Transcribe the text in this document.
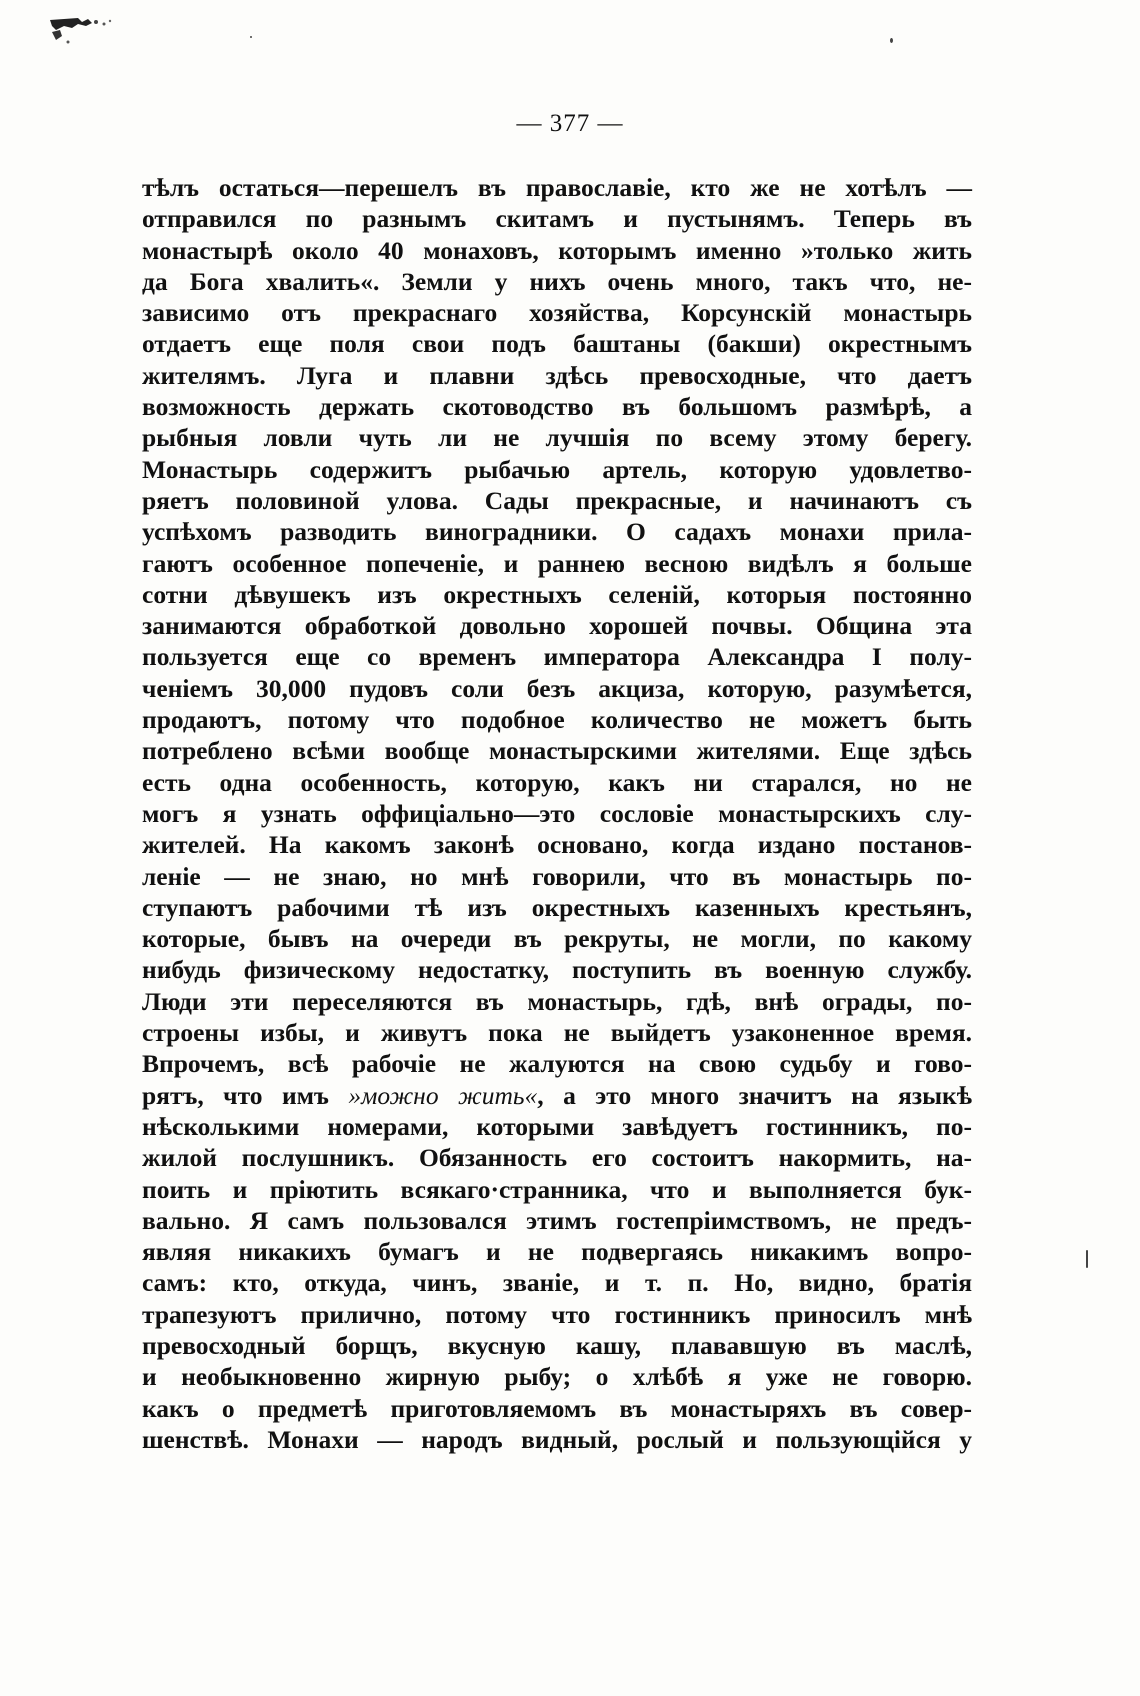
— 377 —
тѣлъ остаться—перешелъ въ православіе, кто же не хотѣлъ —
отправился по разнымъ скитамъ и пустынямъ. Теперь въ
монастырѣ около 40 монаховъ, которымъ именно »только жить
да Бога хвалить«. Земли у нихъ очень много, такъ что, не-
зависимо отъ прекраснаго хозяйства, Корсунскій монастырь
отдаетъ еще поля свои подъ баштаны (бакши) окрестнымъ
жителямъ. Луга и плавни здѣсь превосходные, что даетъ
возможность держать скотоводство въ большомъ размѣрѣ, а
рыбныя ловли чуть ли не лучшія по всему этому берегу.
Монастырь содержитъ рыбачью артель, которую удовлетво-
ряетъ половиной улова. Сады прекрасные, и начинаютъ съ
успѣхомъ разводить виноградники. О садахъ монахи прила-
гаютъ особенное попеченіе, и раннею весною видѣлъ я больше
сотни дѣвушекъ изъ окрестныхъ селеній, которыя постоянно
занимаются обработкой довольно хорошей почвы. Община эта
пользуется еще со временъ императора Александра I полу-
ченіемъ 30,000 пудовъ соли безъ акциза, которую, разумѣется,
продаютъ, потому что подобное количество не можетъ быть
потреблено всѣми вообще монастырскими жителями. Еще здѣсь
есть одна особенность, которую, какъ ни старался, но не
могъ я узнать оффиціально—это сословіе монастырскихъ слу-
жителей. На какомъ законѣ основано, когда издано постанов-
леніе — не знаю, но мнѣ говорили, что въ монастырь по-
ступаютъ рабочими тѣ изъ окрестныхъ казенныхъ крестьянъ,
которые, бывъ на очереди въ рекруты, не могли, по какому
нибудь физическому недостатку, поступить въ военную службу.
Люди эти переселяются въ монастырь, гдѣ, внѣ ограды, по-
строены избы, и живутъ пока не выйдетъ узаконенное время.
Впрочемъ, всѣ рабочіе не жалуются на свою судьбу и гово-
рятъ, что имъ »можно жить«, а это много значитъ на языкѣ
нѣсколькими номерами, которыми завѣдуетъ гостинникъ, по-
жилой послушникъ. Обязанность его состоитъ накормить, на-
поить и пріютить всякаго·странника, что и выполняется бук-
вально. Я самъ пользовался этимъ гостепріимствомъ, не предъ-
являя никакихъ бумагъ и не подвергаясь никакимъ вопро-
самъ: кто, откуда, чинъ, званіе, и т. п. Но, видно, братія
трапезуютъ прилично, потому что гостинникъ приносилъ мнѣ
превосходный борщъ, вкусную кашу, плававшую въ маслѣ,
и необыкновенно жирную рыбу; о хлѣбѣ я уже не говорю.
какъ о предметѣ приготовляемомъ въ монастыряхъ въ совер-
шенствѣ. Монахи — народъ видный, рослый и пользующійся у
